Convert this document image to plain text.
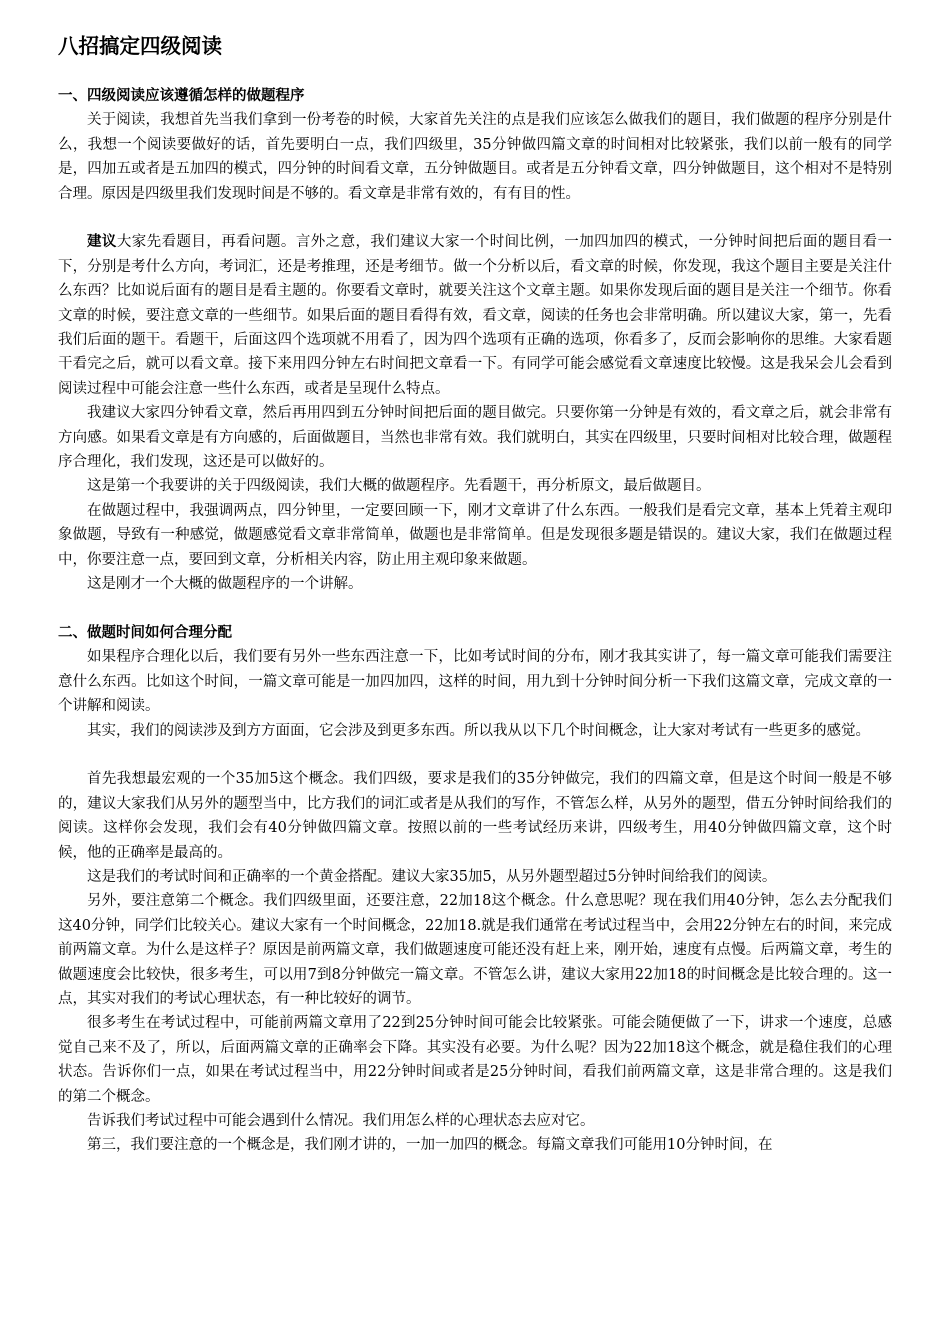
八招搞定四级阅读
一、四级阅读应该遵循怎样的做题程序

关于阅读，我想首先当我们拿到一份考卷的时候，大家首先关注的点是我们应该怎么做我们的题目，我们做题的程序分别是什么，我想一个阅读要做好的话，首先要明白一点，我们四级里，35分钟做四篇文章的时间相对比较紧张，我们以前一般有的同学是，四加五或者是五加四的模式，四分钟的时间看文章，五分钟做题目。或者是五分钟看文章，四分钟做题目，这个相对不是特别合理。原因是四级里我们发现时间是不够的。看文章是非常有效的，有有目的性。

建议大家先看题目，再看问题。言外之意，我们建议大家一个时间比例，一加四加四的模式，一分钟时间把后面的题目看一下，分别是考什么方向，考词汇，还是考推理，还是考细节。做一个分析以后，看文章的时候，你发现，我这个题目主要是关注什么东西？比如说后面有的题目是看主题的。你要看文章时，就要关注这个文章主题。如果你发现后面的题目是关注一个细节。你看文章的时候，要注意文章的一些细节。如果后面的题目看得有效，看文章，阅读的任务也会非常明确。所以建议大家，第一，先看我们后面的题干。看题干，后面这四个选项就不用看了，因为四个选项有正确的选项，你看多了，反而会影响你的思维。大家看题干看完之后，就可以看文章。接下来用四分钟左右时间把文章看一下。有同学可能会感觉看文章速度比较慢。这是我呆会儿会看到阅读过程中可能会注意一些什么东西，或者是呈现什么特点。

我建议大家四分钟看文章，然后再用四到五分钟时间把后面的题目做完。只要你第一分钟是有效的，看文章之后，就会非常有方向感。如果看文章是有方向感的，后面做题目，当然也非常有效。我们就明白，其实在四级里，只要时间相对比较合理，做题程序合理化，我们发现，这还是可以做好的。

这是第一个我要讲的关于四级阅读，我们大概的做题程序。先看题干，再分析原文，最后做题目。

在做题过程中，我强调两点，四分钟里，一定要回顾一下，刚才文章讲了什么东西。一般我们是看完文章，基本上凭着主观印象做题，导致有一种感觉，做题感觉看文章非常简单，做题也是非常简单。但是发现很多题是错误的。建议大家，我们在做题过程中，你要注意一点，要回到文章，分析相关内容，防止用主观印象来做题。

这是刚才一个大概的做题程序的一个讲解。

二、做题时间如何合理分配

如果程序合理化以后，我们要有另外一些东西注意一下，比如考试时间的分布，刚才我其实讲了，每一篇文章可能我们需要注意什么东西。比如这个时间，一篇文章可能是一加四加四，这样的时间，用九到十分钟时间分析一下我们这篇文章，完成文章的一个讲解和阅读。

其实，我们的阅读涉及到方方面面，它会涉及到更多东西。所以我从以下几个时间概念，让大家对考试有一些更多的感觉。

首先我想最宏观的一个35加5这个概念。我们四级，要求是我们的35分钟做完，我们的四篇文章，但是这个时间一般是不够的，建议大家我们从另外的题型当中，比方我们的词汇或者是从我们的写作，不管怎么样，从另外的题型，借五分钟时间给我们的阅读。这样你会发现，我们会有40分钟做四篇文章。按照以前的一些考试经历来讲，四级考生，用40分钟做四篇文章，这个时候，他的正确率是最高的。

这是我们的考试时间和正确率的一个黄金搭配。建议大家35加5，从另外题型超过5分钟时间给我们的阅读。

另外，要注意第二个概念。我们四级里面，还要注意，22加18这个概念。什么意思呢？现在我们用40分钟，怎么去分配我们这40分钟，同学们比较关心。建议大家有一个时间概念，22加18.就是我们通常在考试过程当中，会用22分钟左右的时间，来完成前两篇文章。为什么是这样子？原因是前两篇文章，我们做题速度可能还没有赶上来，刚开始，速度有点慢。后两篇文章，考生的做题速度会比较快，很多考生，可以用7到8分钟做完一篇文章。不管怎么讲，建议大家用22加18的时间概念是比较合理的。这一点，其实对我们的考试心理状态，有一种比较好的调节。

很多考生在考试过程中，可能前两篇文章用了22到25分钟时间可能会比较紧张。可能会随便做了一下，讲求一个速度，总感觉自己来不及了，所以，后面两篇文章的正确率会下降。其实没有必要。为什么呢？因为22加18这个概念，就是稳住我们的心理状态。告诉你们一点，如果在考试过程当中，用22分钟时间或者是25分钟时间，看我们前两篇文章，这是非常合理的。这是我们的第二个概念。

告诉我们考试过程中可能会遇到什么情况。我们用怎么样的心理状态去应对它。

第三，我们要注意的一个概念是，我们刚才讲的，一加一加四的概念。每篇文章我们可能用10分钟时间，在
